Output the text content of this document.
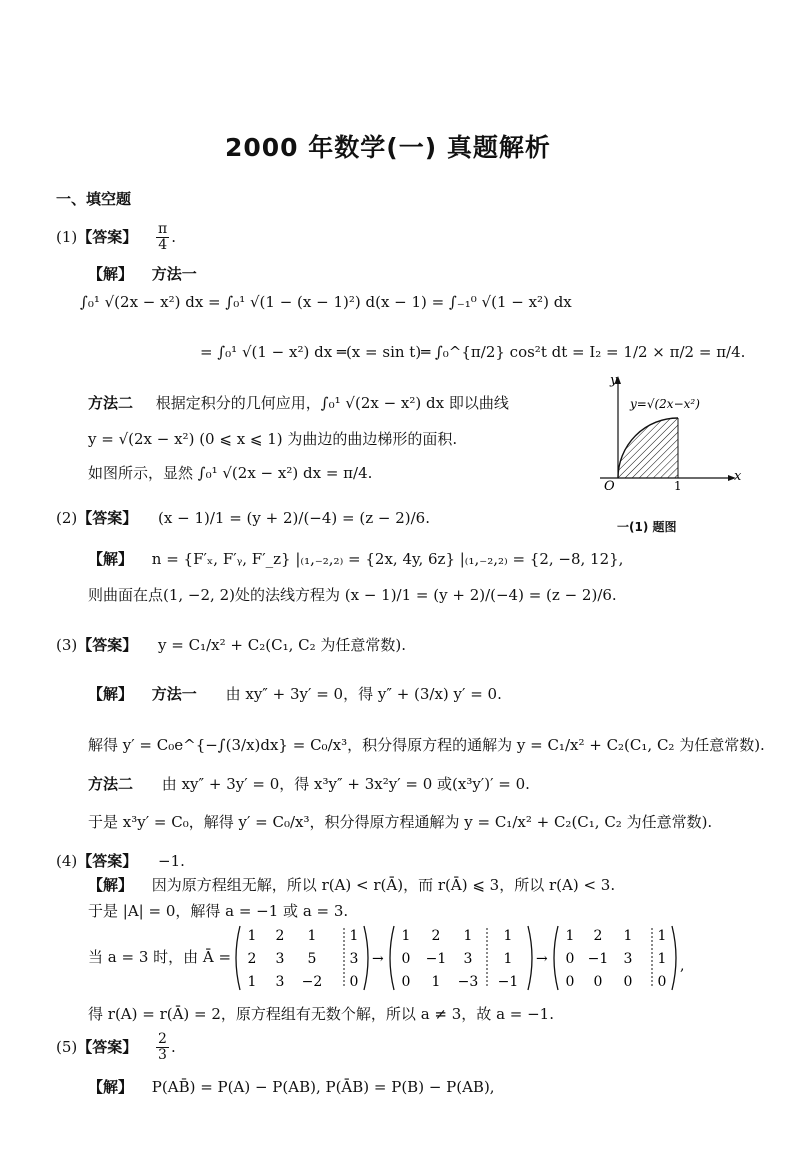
2000 年数学(一) 真题解析
一、填空题
(1)【答案】 $\frac{\pi}{4}$ .
【解】 方法一
∫₀¹ √(2x − x²) dx = ∫₀¹ √(1 − (x − 1)²) d(x − 1) = ∫₋₁⁰ √(1 − x²) dx
= ∫₀¹ √(1 − x²) dx ═(x = sin t)═ ∫₀^{π/2} cos²t dt = I₂ = 1/2 × π/2 = π/4.
方法二 根据定积分的几何应用，∫₀¹ √(2x − x²) dx 即以曲线
y = √(2x − x²) (0 ⩽ x ⩽ 1) 为曲边的曲边梯形的面积.
如图所示，显然 ∫₀¹ √(2x − x²) dx = π/4.
y
x
O	1
y=√(2x−x²)
一(1) 题图
(2)【答案】 (x − 1)/1 = (y + 2)/(−4) = (z − 2)/6.
【解】 n = {F′ₓ, F′ᵧ, F′_z} |₍₁,₋₂,₂₎ = {2x, 4y, 6z} |₍₁,₋₂,₂₎ = {2, −8, 12},
则曲面在点(1, −2, 2)处的法线方程为 (x − 1)/1 = (y + 2)/(−4) = (z − 2)/6.
(3)【答案】 y = C₁/x² + C₂(C₁, C₂ 为任意常数).
【解】 方法一 由 xy″ + 3y′ = 0，得 y″ + (3/x) y′ = 0.
解得 y′ = C₀e^{−∫(3/x)dx} = C₀/x³，积分得原方程的通解为 y = C₁/x² + C₂(C₁, C₂ 为任意常数).
方法二 由 xy″ + 3y′ = 0，得 x³y″ + 3x²y′ = 0 或(x³y′)′ = 0.
于是 x³y′ = C₀，解得 y′ = C₀/x³，积分得原方程通解为 y = C₁/x² + C₂(C₁, C₂ 为任意常数).
(4)【答案】 −1.
【解】 因为原方程组无解，所以 r(A) < r(Ā)，而 r(Ā) ⩽ 3，所以 r(A) < 3.
于是 |A| = 0，解得 a = −1 或 a = 3.
当 a = 3 时，由 Ā =
1 2 1 1
2 3 5 3
1 3 −2 0
→
1 2 1 1
0 −1 3 1
0 1 −3 −1
→
1 2 1 1
0 −1 3 1
0 0 0 0
,
得 r(A) = r(Ā) = 2，原方程组有无数个解，所以 a ≠ 3，故 a = −1.
(5)【答案】 $\frac{2}{3}$ .
【解】 P(AB̄) = P(A) − P(AB), P(ĀB) = P(B) − P(AB),
